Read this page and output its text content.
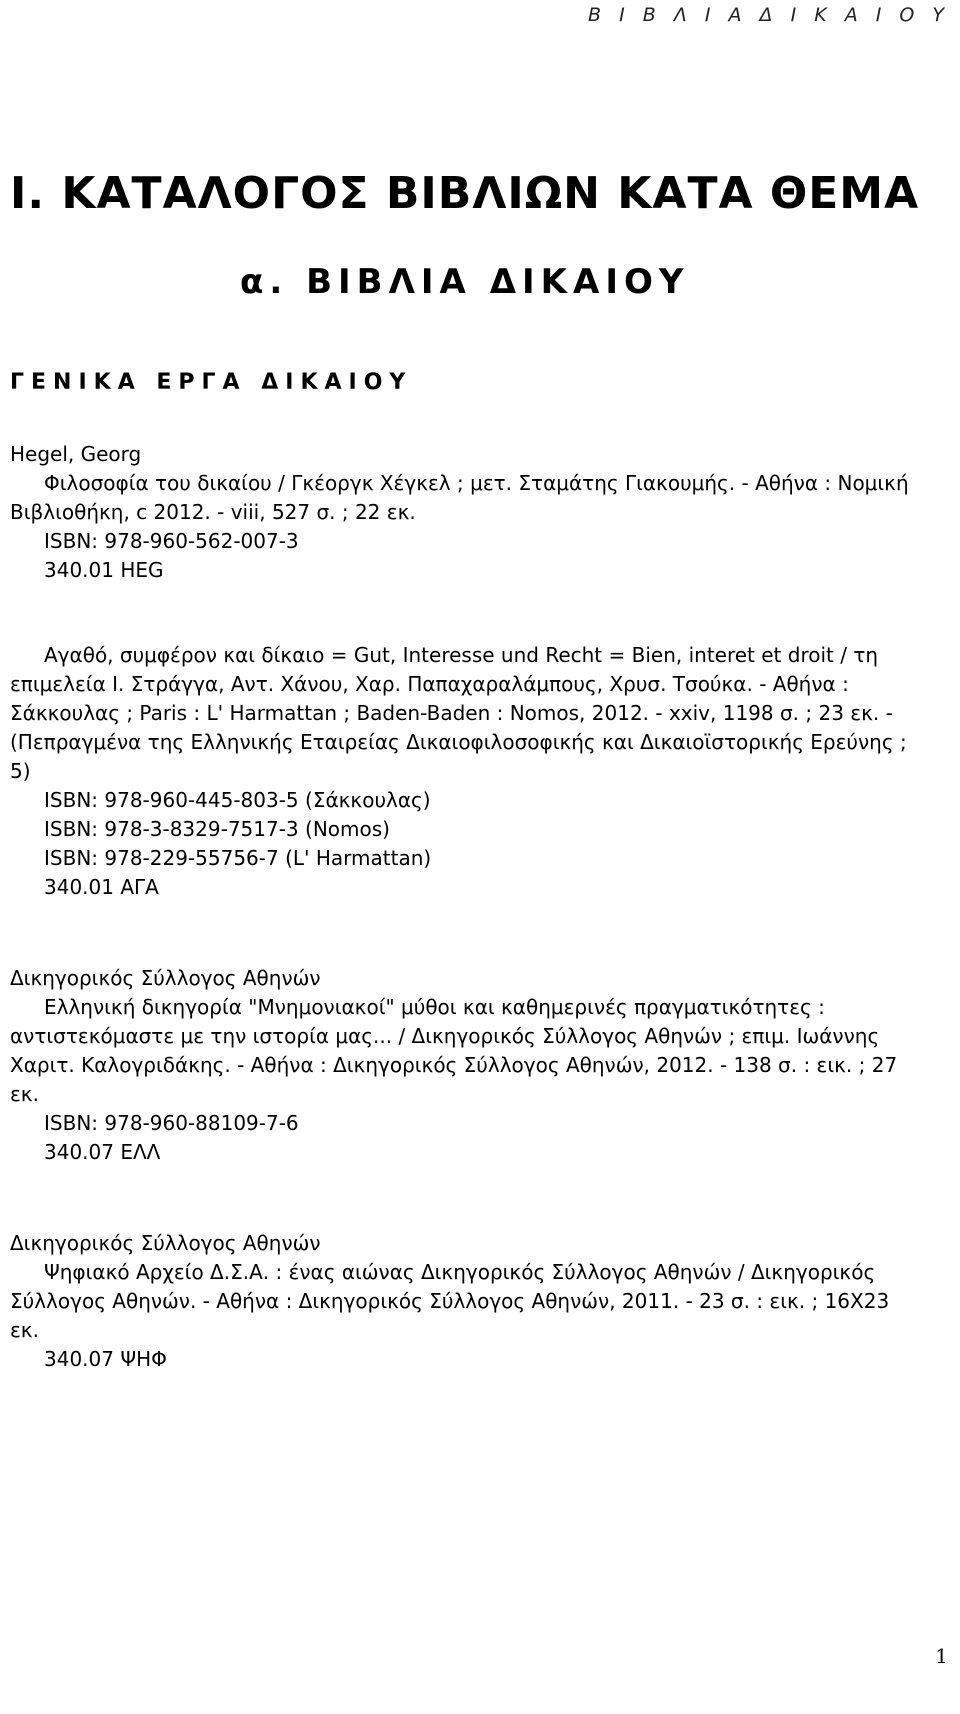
Β Ι Β Λ Ι Α Δ Ι Κ Α Ι Ο Υ
Ι. ΚΑΤΑΛΟΓΟΣ ΒΙΒΛΙΩΝ ΚΑΤΑ ΘΕΜΑ
α. ΒΙΒΛΙΑ ΔΙΚΑΙΟΥ
ΓΕΝΙΚΑ ΕΡΓΑ ΔΙΚΑΙΟΥ

Hegel, Georg

Φιλοσοφία του δικαίου / Γκέοργκ Χέγκελ ; μετ. Σταμάτης Γιακουμής. - Αθήνα : Νομική Βιβλιοθήκη, c 2012. - viii, 527 σ. ; 22 εκ.

ISBN: 978-960-562-007-3

340.01 HEG

Αγαθό, συμφέρον και δίκαιο = Gut, Interesse und Recht = Bien, interet et droit / τη επιμελεία Ι. Στράγγα, Αντ. Χάνου, Χαρ. Παπαχαραλάμπους, Χρυσ. Τσούκα. - Αθήνα : Σάκκουλας ; Paris : L' Harmattan ; Baden-Baden : Nomos, 2012. - xxiv, 1198 σ. ; 23 εκ. - (Πεπραγμένα της Ελληνικής Εταιρείας Δικαιοφιλοσοφικής και Δικαιοϊστορικής Ερεύνης ; 5)

ISBN: 978-960-445-803-5 (Σάκκουλας)

ISBN: 978-3-8329-7517-3 (Nomos)

ISBN: 978-229-55756-7 (L' Harmattan)

340.01 ΑΓΑ

Δικηγορικός Σύλλογος Αθηνών

Ελληνική δικηγορία "Μνημονιακοί" μύθοι και καθημερινές πραγματικότητες : αντιστεκόμαστε με την ιστορία μας... / Δικηγορικός Σύλλογος Αθηνών ; επιμ. Ιωάννης Χαριτ. Καλογριδάκης. - Αθήνα : Δικηγορικός Σύλλογος Αθηνών, 2012. - 138 σ. : εικ. ; 27 εκ.

ISBN: 978-960-88109-7-6

340.07 ΕΛΛ

Δικηγορικός Σύλλογος Αθηνών

Ψηφιακό Αρχείο Δ.Σ.Α. : ένας αιώνας Δικηγορικός Σύλλογος Αθηνών / Δικηγορικός Σύλλογος Αθηνών. - Αθήνα : Δικηγορικός Σύλλογος Αθηνών, 2011. - 23 σ. : εικ. ; 16X23 εκ.

340.07 ΨΗΦ

1
